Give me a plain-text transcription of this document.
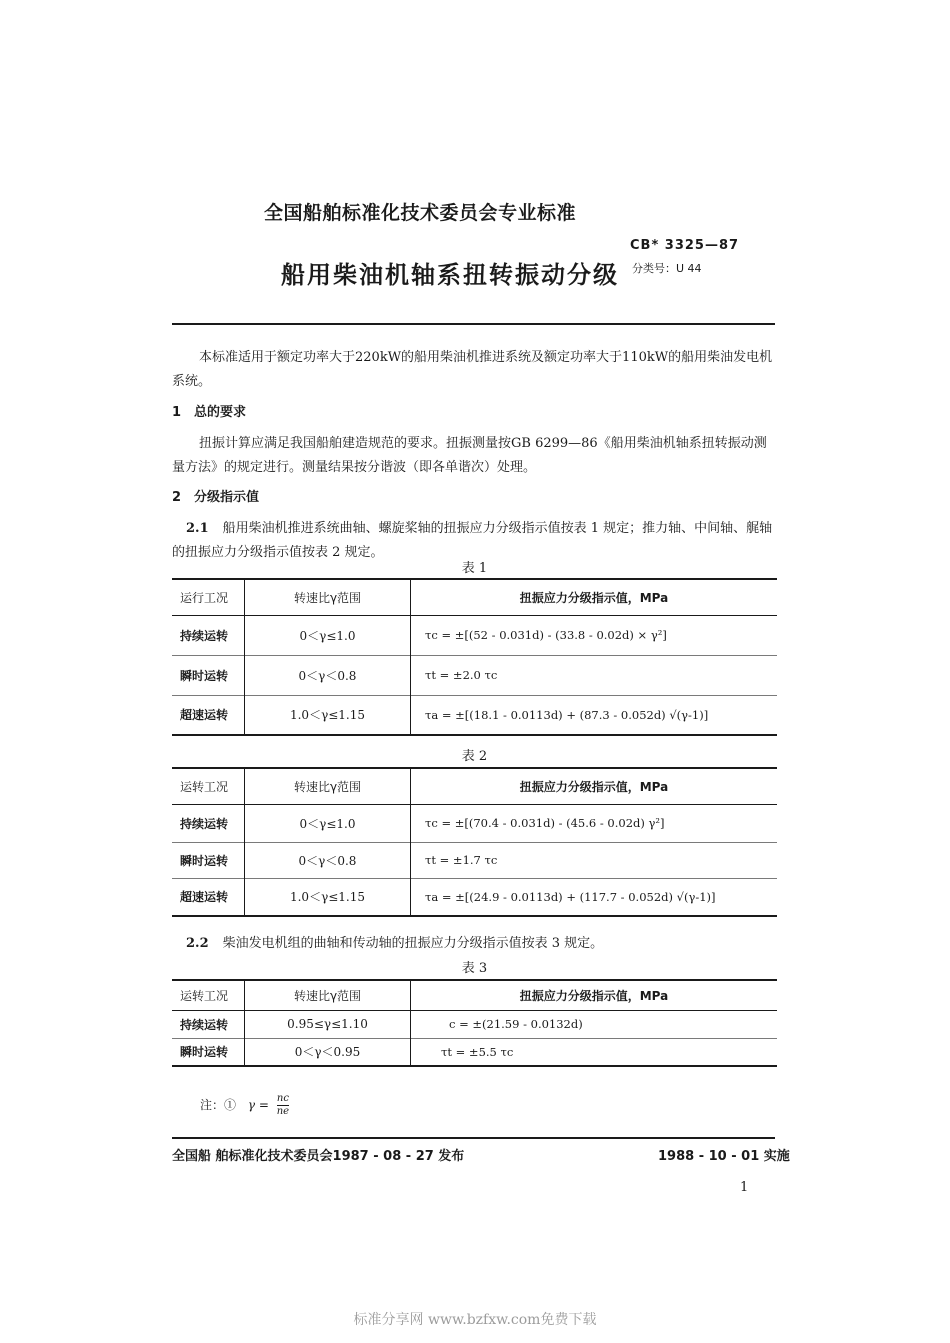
全国船舶标准化技术委员会专业标准
CB* 3325—87
分类号：U 44
船用柴油机轴系扭转振动分级
本标准适用于额定功率大于220kW的船用柴油机推进系统及额定功率大于110kW的船用柴油发电机系统。
1 总的要求
扭振计算应满足我国船舶建造规范的要求。扭振测量按GB 6299—86《船用柴油机轴系扭转振动测量方法》的规定进行。测量结果按分谐波（即各单谐次）处理。
2 分级指示值
2.1 船用柴油机推进系统曲轴、螺旋桨轴的扭振应力分级指示值按表 1 规定；推力轴、中间轴、艉轴的扭振应力分级指示值按表 2 规定。
表 1
运行工况	转速比γ范围	扭振应力分级指示值，MPa
持续运转	0＜γ≤1.0	τc = ±[(52 - 0.031d) - (33.8 - 0.02d) × γ²]
瞬时运转	0＜γ＜0.8	τt = ±2.0 τc
超速运转	1.0＜γ≤1.15	τa = ±[(18.1 - 0.0113d) + (87.3 - 0.052d) √(γ-1)]
表 2
运转工况	转速比γ范围	扭振应力分级指示值，MPa
持续运转	0＜γ≤1.0	τc = ±[(70.4 - 0.031d) - (45.6 - 0.02d) γ²]
瞬时运转	0＜γ＜0.8	τt = ±1.7 τc
超速运转	1.0＜γ≤1.15	τa = ±[(24.9 - 0.0113d) + (117.7 - 0.052d) √(γ-1)]
2.2 柴油发电机组的曲轴和传动轴的扭振应力分级指示值按表 3 规定。
表 3
运转工况	转速比γ范围	扭振应力分级指示值，MPa
持续运转	0.95≤γ≤1.10	c = ±(21.59 - 0.0132d)
瞬时运转	0＜γ＜0.95	τt = ±5.5 τc
注：① $\gamma = \frac{nc}{ne}$
全国船 舶标准化技术委员会1987 - 08 - 27 发布	1988 - 10 - 01 实施
1
标准分享网 www.bzfxw.com免费下载
